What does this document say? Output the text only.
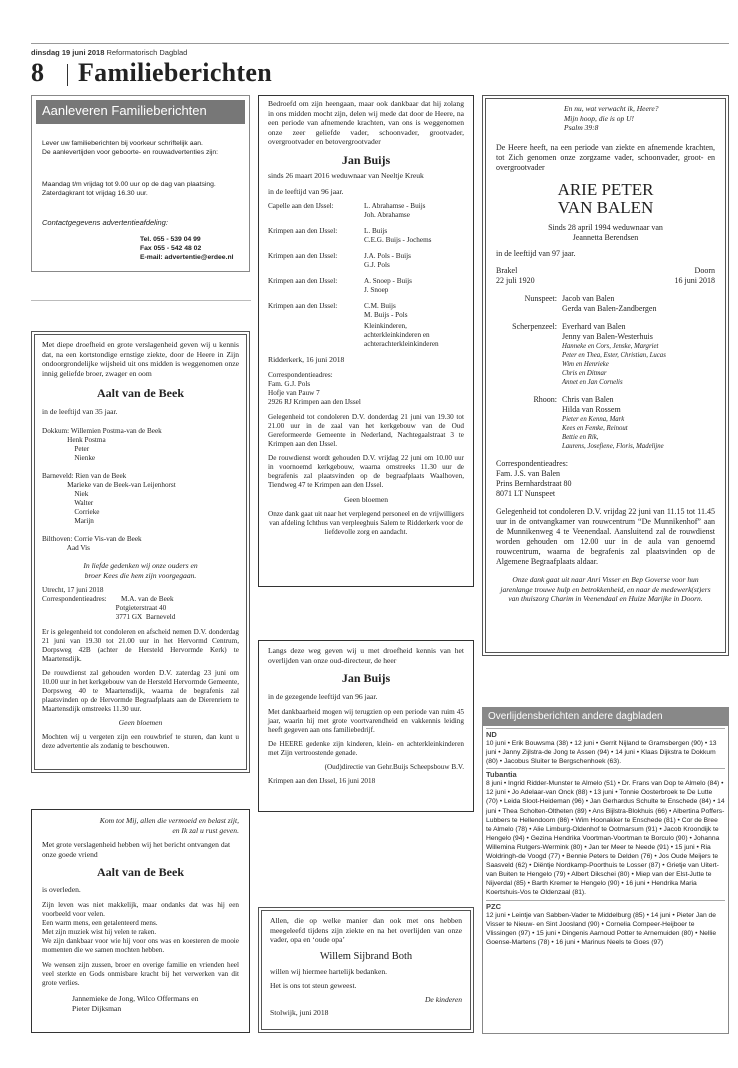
dinsdag 19 juni 2018 Reformatorisch Dagblad
8 Familieberichten
Aanleveren Familieberichten
Lever uw familieberichten bij voorkeur schriftelijk aan.
De aanlevertijden voor geboorte- en rouwadvertenties zijn:
Maandag t/m vrijdag tot 9.00 uur op de dag van plaatsing.
Zaterdagkrant tot vrijdag 16.30 uur.
Contactgegevens advertentieafdeling:
Tel. 055 - 539 04 99
Fax 055 - 542 48 02
E-mail: advertentie@erdee.nl
Met diepe droefheid en grote verslagenheid geven wij u kennis dat, na een kortstondige ernstige ziekte, door de Heere in Zijn ondoorgrondelijke wijsheid uit ons midden is weggenomen onze innig geliefde broer, zwager en oom
Aalt van de Beek
in de leeftijd van 35 jaar.
Dokkum: Willemien Postma-van de Beek
Henk Postma
Peter
Nienke

Barneveld: Rien van de Beek
Marieke van de Beek-van Leijenhorst
Niek
Walter
Corrieke
Marijn

Bilthoven: Corrie Vis-van de Beek
Aad Vis
In liefde gedenken wij onze ouders en
broer Kees die hem zijn voorgegaan.
Utrecht, 17 juni 2018
Correspondentieadres:        M.A. van de Beek
Potgieterstraat 40
3771 GX  Barneveld
Er is gelegenheid tot condoleren en afscheid nemen D.V. donderdag 21 juni van 19.30 tot 21.00 uur in het Hervormd Centrum, Dorpsweg 42B (achter de Hersteld Hervormde Kerk) te Maartensdijk.
De rouwdienst zal gehouden worden D.V. zaterdag 23 juni om 10.00 uur in het kerkgebouw van de Hersteld Hervormde Gemeente, Dorpsweg 40 te Maartensdijk, waarna de begrafenis zal plaatsvinden op de Hervormde Begraafplaats aan de Dierenriem te Maartensdijk omstreeks 11.30 uur.
Geen bloemen
Mochten wij u vergeten zijn een rouwbrief te sturen, dan kunt u deze advertentie als zodanig te beschouwen.
Kom tot Mij, allen die vermoeid en belast zijt,
en Ik zal u rust geven.
Met grote verslagenheid hebben wij het bericht ontvangen dat onze goede vriend
Aalt van de Beek
is overleden.
Zijn leven was niet makkelijk, maar ondanks dat was hij een voorbeeld voor velen.
Een warm mens, een getalenteerd mens.
Met zijn muziek wist hij velen te raken.
We zijn dankbaar voor wie hij voor ons was en koesteren de mooie momenten die we samen mochten hebben.
We wensen zijn zussen, broer en overige familie en vrienden heel veel sterkte en Gods onmisbare kracht bij het verwerken van dit grote verlies.
Jannemieke de Jong, Wilco Offermans en
Pieter Dijksman
Bedroefd om zijn heengaan, maar ook dankbaar dat hij zolang in ons midden mocht zijn, delen wij mede dat door de Heere, na een periode van afnemende krachten, van ons is weggenomen onze zeer geliefde vader, schoonvader, grootvader, overgrootvader en betovergrootvader
Jan Buijs
sinds 26 maart 2016 weduwnaar van Neeltje Kreuk
in de leeftijd van 96 jaar.
Capelle aan den IJssel:	L. Abrahamse - Buijs
Joh. Abrahamse
Krimpen aan den IJssel:	L. Buijs
C.E.G. Buijs - Jochems
Krimpen aan den IJssel:	J.A. Pols - Buijs
G.J. Pols
Krimpen aan den IJssel:	A. Snoep - Buijs
J. Snoep
Krimpen aan den IJssel:	C.M. Buijs
M. Buijs - Pols
Kleinkinderen,
achterkleinkinderen en
achterachterkleinkinderen
Ridderkerk, 16 juni 2018
Correspondentieadres:
Fam. G.J. Pols
Hofje van Pauw 7
2926 RJ Krimpen aan den IJssel
Gelegenheid tot condoleren D.V. donderdag 21 juni van 19.30 tot 21.00 uur in de zaal van het kerkgebouw van de Oud Gereformeerde Gemeente in Nederland, Nachtegaalstraat 3 te Krimpen aan den IJssel.
De rouwdienst wordt gehouden D.V. vrijdag 22 juni om 10.00 uur in voornoemd kerkgebouw, waarna omstreeks 11.30 uur de begrafenis zal plaatsvinden op de begraafplaats Waalhoven, Tiendweg 47 te Krimpen aan den IJssel.
Geen bloemen
Onze dank gaat uit naar het verplegend personeel en de vrijwilligers van afdeling Ichthus van verpleeghuis Salem te Ridderkerk voor de liefdevolle zorg en aandacht.
Langs deze weg geven wij u met droefheid kennis van het overlijden van onze oud-directeur, de heer
Jan Buijs
in de gezegende leeftijd van 96 jaar.
Met dankbaarheid mogen wij terugzien op een periode van ruim 45 jaar, waarin hij met grote voortvarendheid en vakkennis leiding heeft gegeven aan ons familiebedrijf.
De HEERE gedenke zijn kinderen, klein- en achterkleinkinderen met Zijn vertroostende genade.
(Oud)directie van Gehr.Buijs Scheepsbouw B.V.
Krimpen aan den IJssel, 16 juni 2018
Allen, die op welke manier dan ook met ons hebben meegeleefd tijdens zijn ziekte en na het overlijden van onze vader, opa en ‘oude opa’
Willem Sijbrand Both
willen wij hiermee hartelijk bedanken.
Het is ons tot steun geweest.
De kinderen
Stolwijk, juni 2018
En nu, wat verwacht ik, Heere?
Mijn hoop, die is op U!
Psalm 39:8
De Heere heeft, na een periode van ziekte en afnemende krachten, tot Zich genomen onze zorgzame vader, schoonvader, groot- en overgrootvader
ARIE PETER
VAN BALEN
Sinds 28 april 1994 weduwnaar van
Jeannetta Berendsen
in de leeftijd van 97 jaar.
Brakel
22 juli 1920
Doorn
16 juni 2018
Nunspeet: Jacob van Balen
Gerda van Balen-Zandbergen
Scherpenzeel: Everhard van Balen
Jenny van Balen-Westerhuis
Hanneke en Cors, Jenske, Margriet
Peter en Thea, Ester, Christian, Lucas
Wim en Henrieke
Chris en Ditmar
Annet en Jan Cornelis
Rhoon: Chris van Balen
Hilda van Rossem
Pieter en Kenna, Mark
Kees en Femke, Reinout
Bettie en Rik,
Laurens, Josefiene, Floris, Madelijne
Correspondentieadres:
Fam. J.S. van Balen
Prins Bernhardstraat 80
8071 LT Nunspeet
Gelegenheid tot condoleren D.V. vrijdag 22 juni van 11.15 tot 11.45 uur in de ontvangkamer van rouwcentrum “De Munnikenhof” aan de Munnikenweg 4 te Veenendaal. Aansluitend zal de rouwdienst worden gehouden om 12.00 uur in de aula van genoemd rouwcentrum, waarna de begrafenis zal plaatsvinden op de Algemene Begraafplaats aldaar.
Onze dank gaat uit naar Anri Visser en Bep Goverse voor hun jarenlange trouwe hulp en betrokkenheid, en naar de medewerk(st)ers van thuiszorg Charim in Veenendaal en Huize Marijke in Doorn.
Overlijdensberichten andere dagbladen
ND
10 juni • Erik Bouwsma (38) • 12 juni • Gerrit Nijland te Gramsbergen (90) • 13 juni • Janny Zijlstra-de Jong te Assen (94) • 14 juni • Klaas Dijkstra te Dokkum (80) • Jacobus Sluiter te Bergschenhoek (63).
Tubantia
8 juni • Ingrid Ridder-Munster te Almelo (51) • Dr. Frans van Dop te Almelo (84) • 12 juni • Jo Adelaar-van Onck (88) • 13 juni • Tonnie Oosterbroek te De Lutte (70) • Leida Sloot-Heideman (96) • Jan Gerhardus Schulte te Enschede (84) • 14 juni • Thea Scholten-Oltheten (89) • Ans Bijlstra-Blokhuis (66) • Albertina Poffers-Lubbers te Hellendoorn (86) • Wim Hoonakker te Enschede (81) • Cor de Bree te Almelo (78) • Alie Limburg-Oldenhof te Ootmarsum (91) • Jacob Kroondijk te Hengelo (94) • Gezina Hendrika Voortman-Voortman te Borculo (90) • Johanna Willemina Rutgers-Wermink (80) • Jan ter Meer te Neede (91) • 15 juni • Ria Woldringh-de Voogd (77) • Bennie Peters te Delden (76) • Jos Oude Meijers te Saasveld (62) • Diëntje Nordkamp-Poorthuis te Losser (87) • Grietje van Uitert-van Buiten te Hengelo (79) • Albert Dikschei (80) • Miep van der Elst-Jutte te Nijverdal (85) • Barth Kremer te Hengelo (90) • 16 juni • Hendrika Maria Koertshuis-Vos te Oldenzaal (81).
PZC
12 juni • Leintje van Sabben-Vader te Middelburg (85) • 14 juni • Pieter Jan de Visser te Nieuw- en Sint Joosland (90) • Cornelia Compeer-Heijboer te Vlissingen (97) • 15 juni • Dingenis Aarnoud Potter te Arnemuiden (80) • Nellie Goense-Martens (78) • 16 juni • Marinus Neels te Goes (97)
